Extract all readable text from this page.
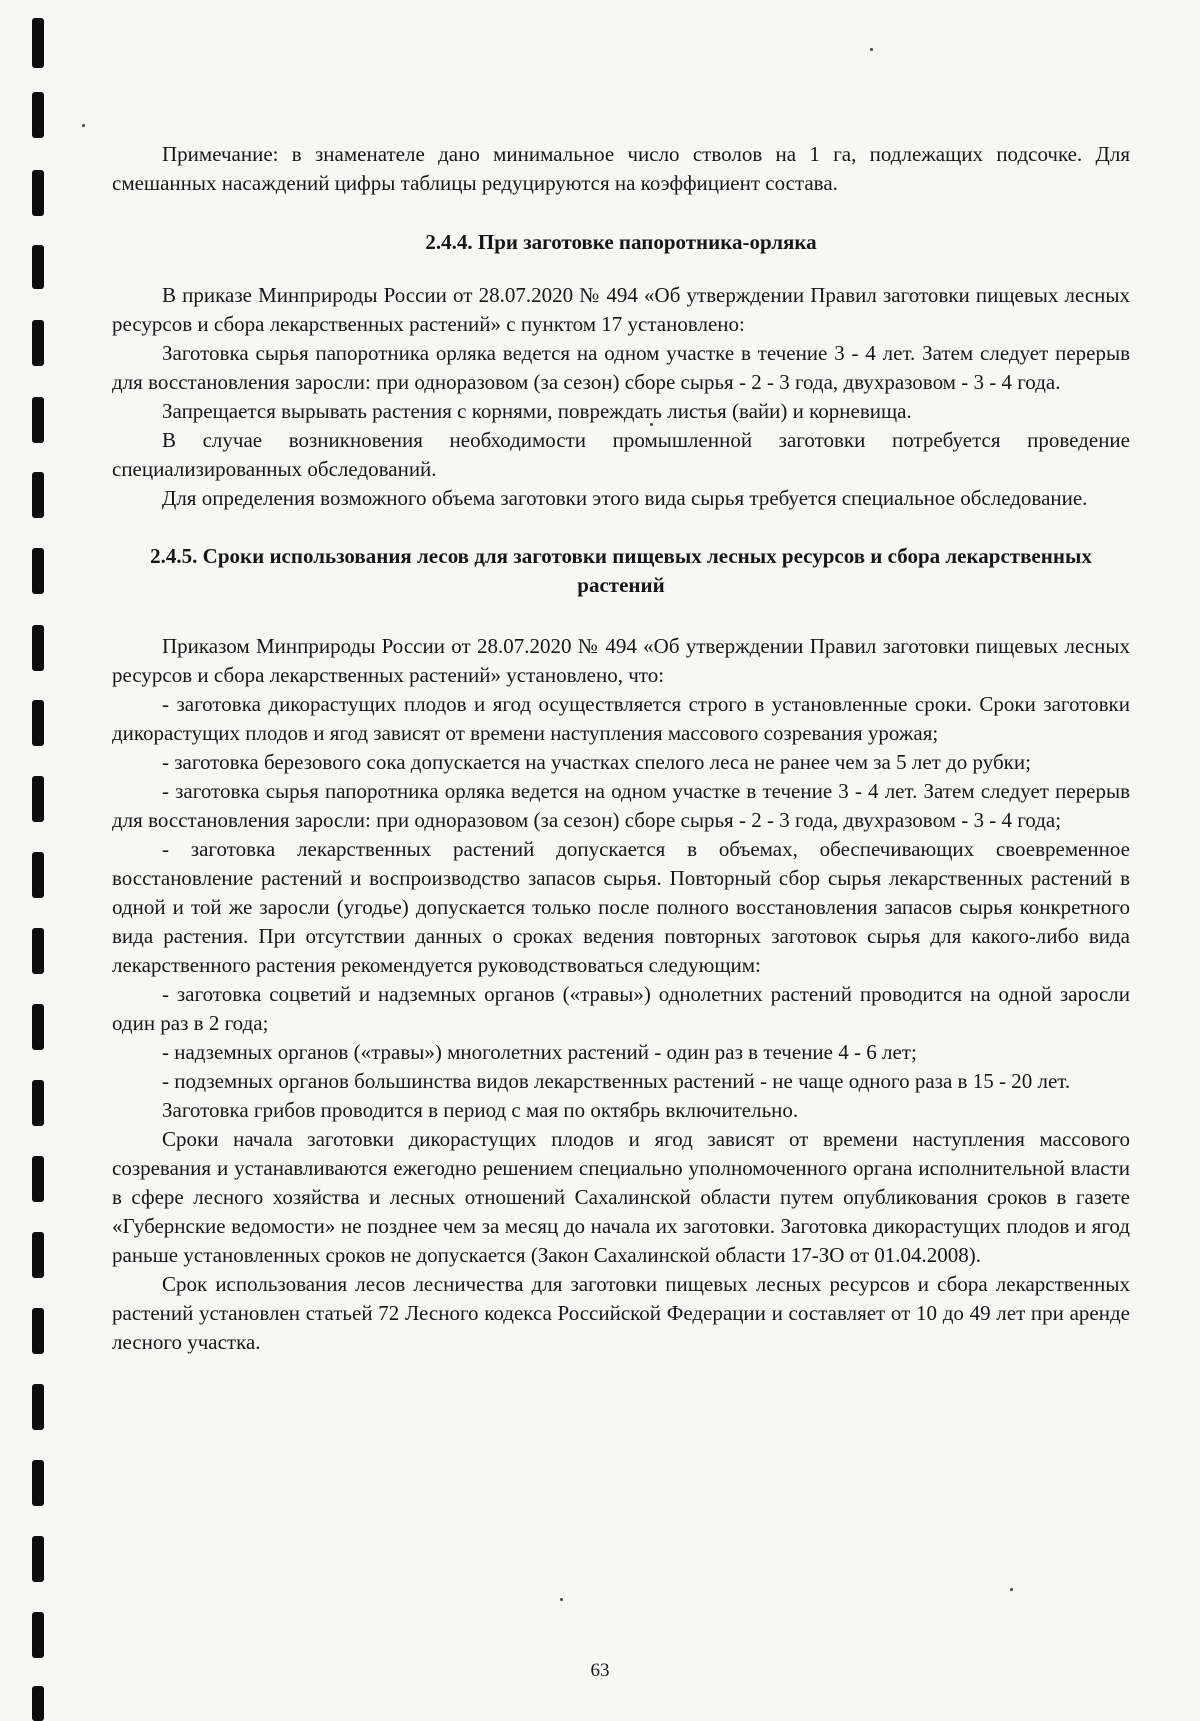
Примечание: в знаменателе дано минимальное число стволов на 1 га, подлежащих подсочке. Для смешанных насаждений цифры таблицы редуцируются на коэффициент состава.

2.4.4. При заготовке папоротника-орляка

В приказе Минприроды России от 28.07.2020 № 494 «Об утверждении Правил заготовки пищевых лесных ресурсов и сбора лекарственных растений» с пунктом 17 установлено:

Заготовка сырья папоротника орляка ведется на одном участке в течение 3 - 4 лет. Затем следует перерыв для восстановления заросли: при одноразовом (за сезон) сборе сырья - 2 - 3 года, двухразовом - 3 - 4 года.

Запрещается вырывать растения с корнями, повреждать листья (вайи) и корневища.

В случае возникновения необходимости промышленной заготовки потребуется проведение специализированных обследований.

Для определения возможного объема заготовки этого вида сырья требуется специальное обследование.

2.4.5. Сроки использования лесов для заготовки пищевых лесных ресурсов и сбора лекарственных растений

Приказом Минприроды России от 28.07.2020 № 494 «Об утверждении Правил заготовки пищевых лесных ресурсов и сбора лекарственных растений» установлено, что:

- заготовка дикорастущих плодов и ягод осуществляется строго в установленные сроки. Сроки заготовки дикорастущих плодов и ягод зависят от времени наступления массового созревания урожая;

- заготовка березового сока допускается на участках спелого леса не ранее чем за 5 лет до рубки;

- заготовка сырья папоротника орляка ведется на одном участке в течение 3 - 4 лет. Затем следует перерыв для восстановления заросли: при одноразовом (за сезон) сборе сырья - 2 - 3 года, двухразовом - 3 - 4 года;

- заготовка лекарственных растений допускается в объемах, обеспечивающих своевременное восстановление растений и воспроизводство запасов сырья. Повторный сбор сырья лекарственных растений в одной и той же заросли (угодье) допускается только после полного восстановления запасов сырья конкретного вида растения. При отсутствии данных о сроках ведения повторных заготовок сырья для какого-либо вида лекарственного растения рекомендуется руководствоваться следующим:

- заготовка соцветий и надземных органов («травы») однолетних растений проводится на одной заросли один раз в 2 года;

- надземных органов («травы») многолетних растений - один раз в течение 4 - 6 лет;

- подземных органов большинства видов лекарственных растений - не чаще одного раза в 15 - 20 лет.

Заготовка грибов проводится в период с мая по октябрь включительно.

Сроки начала заготовки дикорастущих плодов и ягод зависят от времени наступления массового созревания и устанавливаются ежегодно решением специально уполномоченного органа исполнительной власти в сфере лесного хозяйства и лесных отношений Сахалинской области путем опубликования сроков в газете «Губернские ведомости» не позднее чем за месяц до начала их заготовки. Заготовка дикорастущих плодов и ягод раньше установленных сроков не допускается (Закон Сахалинской области 17-ЗО от 01.04.2008).

Срок использования лесов лесничества для заготовки пищевых лесных ресурсов и сбора лекарственных растений установлен статьей 72 Лесного кодекса Российской Федерации и составляет от 10 до 49 лет при аренде лесного участка.

63
